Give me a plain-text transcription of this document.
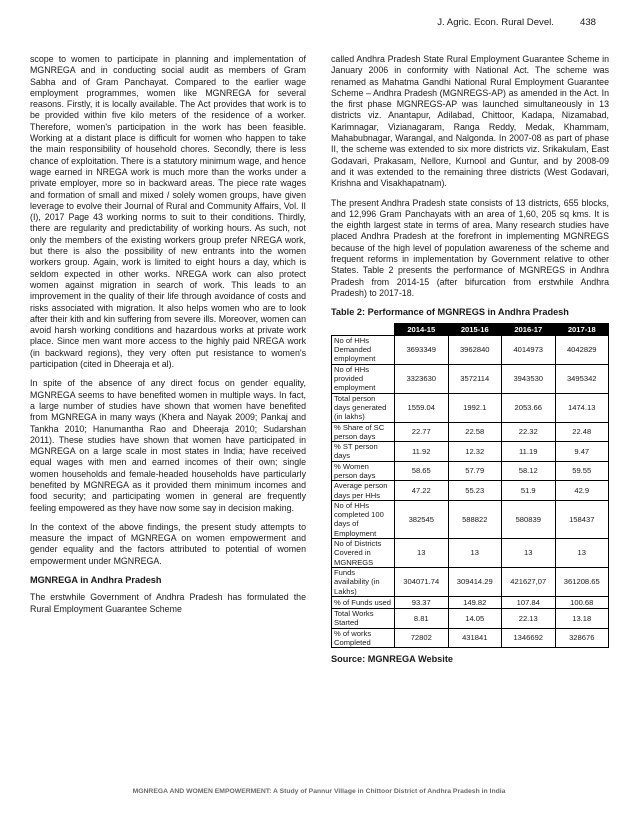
J. Agric. Econ. Rural Devel.	438

scope to women to participate in planning and implementation of MGNREGA and in conducting social audit as members of Gram Sabha and of Gram Panchayat. Compared to the earlier wage employment programmes, women like MGNREGA for several reasons. Firstly, it is locally available. The Act provides that work is to be provided within five kilo meters of the residence of a worker. Therefore, women's participation in the work has been feasible. Working at a distant place is difficult for women who happen to take the main responsibility of household chores. Secondly, there is less chance of exploitation. There is a statutory minimum wage, and hence wage earned in NREGA work is much more than the works under a private employer, more so in backward areas. The piece rate wages and formation of small and mixed / solely women groups, have given leverage to evolve their Journal of Rural and Community Affairs, Vol. II (I), 2017 Page 43 working norms to suit to their conditions. Thirdly, there are regularity and predictability of working hours. As such, not only the members of the existing workers group prefer NREGA work, but there is also the possibility of new entrants into the women workers group. Again, work is limited to eight hours a day, which is seldom expected in other works. NREGA work can also protect women against migration in search of work. This leads to an improvement in the quality of their life through avoidance of costs and risks associated with migration. It also helps women who are to look after their kith and kin suffering from severe ills. Moreover, women can avoid harsh working conditions and hazardous works at private work place. Since men want more access to the highly paid NREGA work (in backward regions), they very often put resistance to women's participation (cited in Dheeraja et al).

In spite of the absence of any direct focus on gender equality, MGNREGA seems to have benefited women in multiple ways. In fact, a large number of studies have shown that women have benefited from MGNREGA in many ways (Khera and Nayak 2009; Pankaj and Tankha 2010; Hanumantha Rao and Dheeraja 2010; Sudarshan 2011). These studies have shown that women have participated in MGNREGA on a large scale in most states in India; have received equal wages with men and earned incomes of their own; single women households and female-headed households have particularly benefited by MGNREGA as it provided them minimum incomes and food security; and participating women in general are frequently feeling empowered as they have now some say in decision making.

In the context of the above findings, the present study attempts to measure the impact of MGNREGA on women empowerment and gender equality and the factors attributed to potential of women empowerment under MGNREGA.

MGNREGA in Andhra Pradesh

The erstwhile Government of Andhra Pradesh has formulated the Rural Employment Guarantee Scheme

called Andhra Pradesh State Rural Employment Guarantee Scheme in January 2006 in conformity with National Act. The scheme was renamed as Mahatma Gandhi National Rural Employment Guarantee Scheme – Andhra Pradesh (MGNREGS-AP) as amended in the Act. In the first phase MGNREGS-AP was launched simultaneously in 13 districts viz. Anantapur, Adilabad, Chittoor, Kadapa, Nizamabad, Karimnagar, Vizianagaram, Ranga Reddy, Medak, Khammam, Mahabubnagar, Warangal, and Nalgonda. In 2007-08 as part of phase II, the scheme was extended to six more districts viz. Srikakulam, East Godavari, Prakasam, Nellore, Kurnool and Guntur, and by 2008-09 and it was extended to the remaining three districts (West Godavari, Krishna and Visakhapatnam).

The present Andhra Pradesh state consists of 13 districts, 655 blocks, and 12,996 Gram Panchayats with an area of 1,60, 205 sq kms. It is the eighth largest state in terms of area. Many research studies have placed Andhra Pradesh at the forefront in implementing MGNREGS because of the high level of population awareness of the scheme and frequent reforms in implementation by Government relative to other States. Table 2 presents the performance of MGNREGS in Andhra Pradesh from 2014-15 (after bifurcation from erstwhile Andhra Pradesh) to 2017-18.

Table 2: Performance of MGNREGS in Andhra Pradesh
	2014-15	2015-16	2016-17	2017-18
No of HHs Demanded employment	3693349	3962840	4014973	4042829
No of HHs provided employment	3323630	3572114	3943530	3495342
Total person days generated (in lakhs)	1559.04	1992.1	2053.66	1474.13
% Share of SC person days	22.77	22.58	22.32	22.48
% ST person days	11.92	12.32	11.19	9.47
% Women person days	58.65	57.79	58.12	59.55
Average person days per HHs	47.22	55.23	51.9	42.9
No of HHs completed 100 days of Employment	382545	588822	580839	158437
No of Districts Covered in MGNREGS	13	13	13	13
Funds availability (in Lakhs)	304071.74	309414.29	421627,07	361208.65
% of Funds used	93.37	149.82	107.84	100.68
Total Works Started	8.81	14.05	22.13	13.18
% of works Completed	72802	431841	1346692	328676
Source: MGNREGA Website
MGNREGA AND WOMEN EMPOWERMENT: A Study of Pannur Village in Chittoor District of Andhra Pradesh in India
